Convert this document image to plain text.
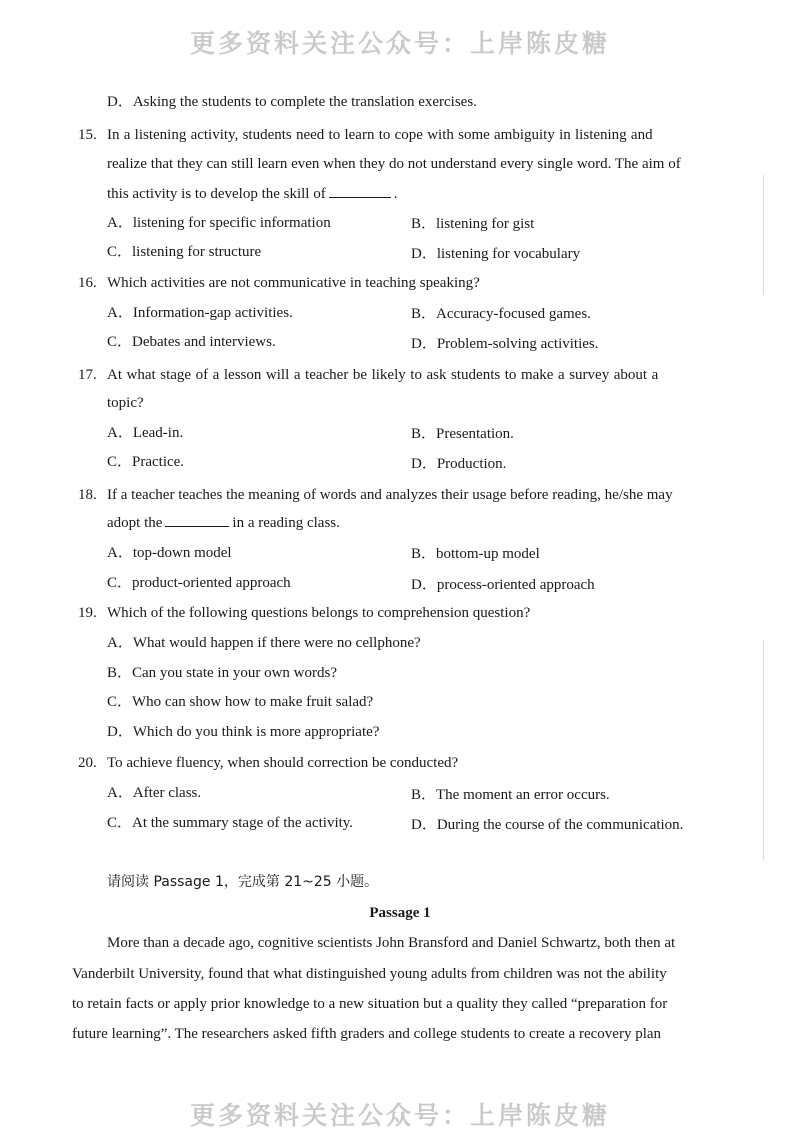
更多资料关注公众号：上岸陈皮糖
D．Asking the students to complete the translation exercises.
15. In a listening activity, students need to learn to cope with some ambiguity in listening and
realize that they can still learn even when they do not understand every single word. The aim of
this activity is to develop the skill of	.
A．listening for specific information	B．listening for gist
C．listening for structure	D．listening for vocabulary
16. Which activities are not communicative in teaching speaking?
A．Information-gap activities.	B．Accuracy-focused games.
C．Debates and interviews.	D．Problem-solving activities.
17. At what stage of a lesson will a teacher be likely to ask students to make a survey about a
topic?
A．Lead-in.	B．Presentation.
C．Practice.	D．Production.
18. If a teacher teaches the meaning of words and analyzes their usage before reading, he/she may
adopt the	in a reading class.
A．top-down model	B．bottom-up model
C．product-oriented approach	D．process-oriented approach
19. Which of the following questions belongs to comprehension question?
A．What would happen if there were no cellphone?
B．Can you state in your own words?
C．Who can show how to make fruit salad?
D．Which do you think is more appropriate?
20. To achieve fluency, when should correction be conducted?
A．After class.	B．The moment an error occurs.
C．At the summary stage of the activity.	D．During the course of the communication.
请阅读 Passage 1，完成第 21~25 小题。
Passage 1
More than a decade ago, cognitive scientists John Bransford and Daniel Schwartz, both then at
Vanderbilt University, found that what distinguished young adults from children was not the ability
to retain facts or apply prior knowledge to a new situation but a quality they called “preparation for
future learning”. The researchers asked fifth graders and college students to create a recovery plan
更多资料关注公众号：上岸陈皮糖
